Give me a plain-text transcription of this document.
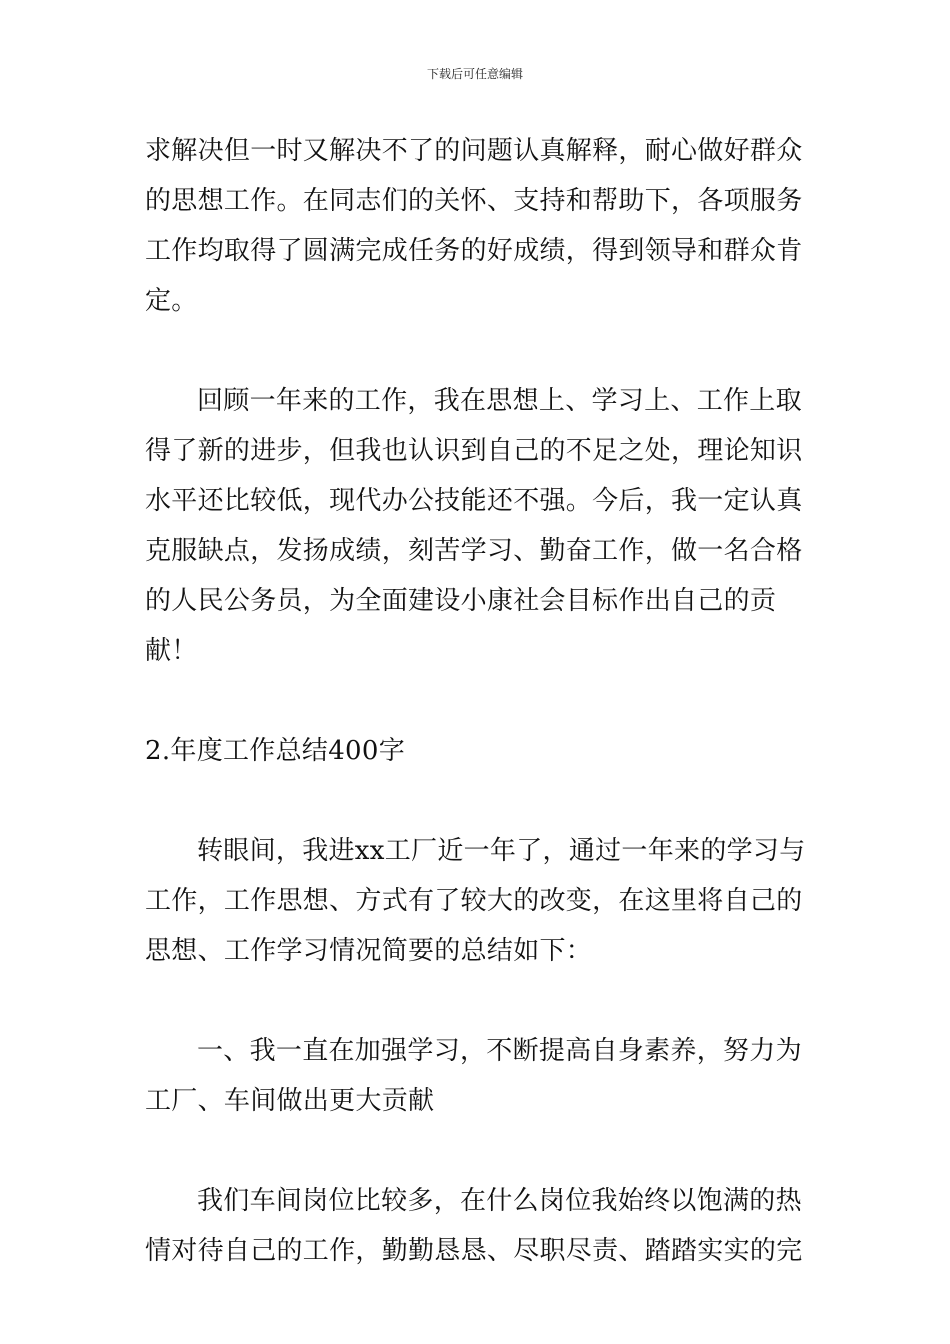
下载后可任意编辑

求解决但一时又解决不了的问题认真解释，耐心做好群众的思想工作。在同志们的关怀、支持和帮助下，各项服务工作均取得了圆满完成任务的好成绩，得到领导和群众肯定。

回顾一年来的工作，我在思想上、学习上、工作上取得了新的进步，但我也认识到自己的不足之处，理论知识水平还比较低，现代办公技能还不强。今后，我一定认真克服缺点，发扬成绩，刻苦学习、勤奋工作，做一名合格的人民公务员，为全面建设小康社会目标作出自己的贡献！

2.年度工作总结400字

转眼间，我进xx工厂近一年了，通过一年来的学习与工作，工作思想、方式有了较大的改变，在这里将自己的思想、工作学习情况简要的总结如下：

一、我一直在加强学习，不断提高自身素养，努力为工厂、车间做出更大贡献

我们车间岗位比较多，在什么岗位我始终以饱满的热情对待自己的工作，勤勤恳恳、尽职尽责、踏踏实实的完
